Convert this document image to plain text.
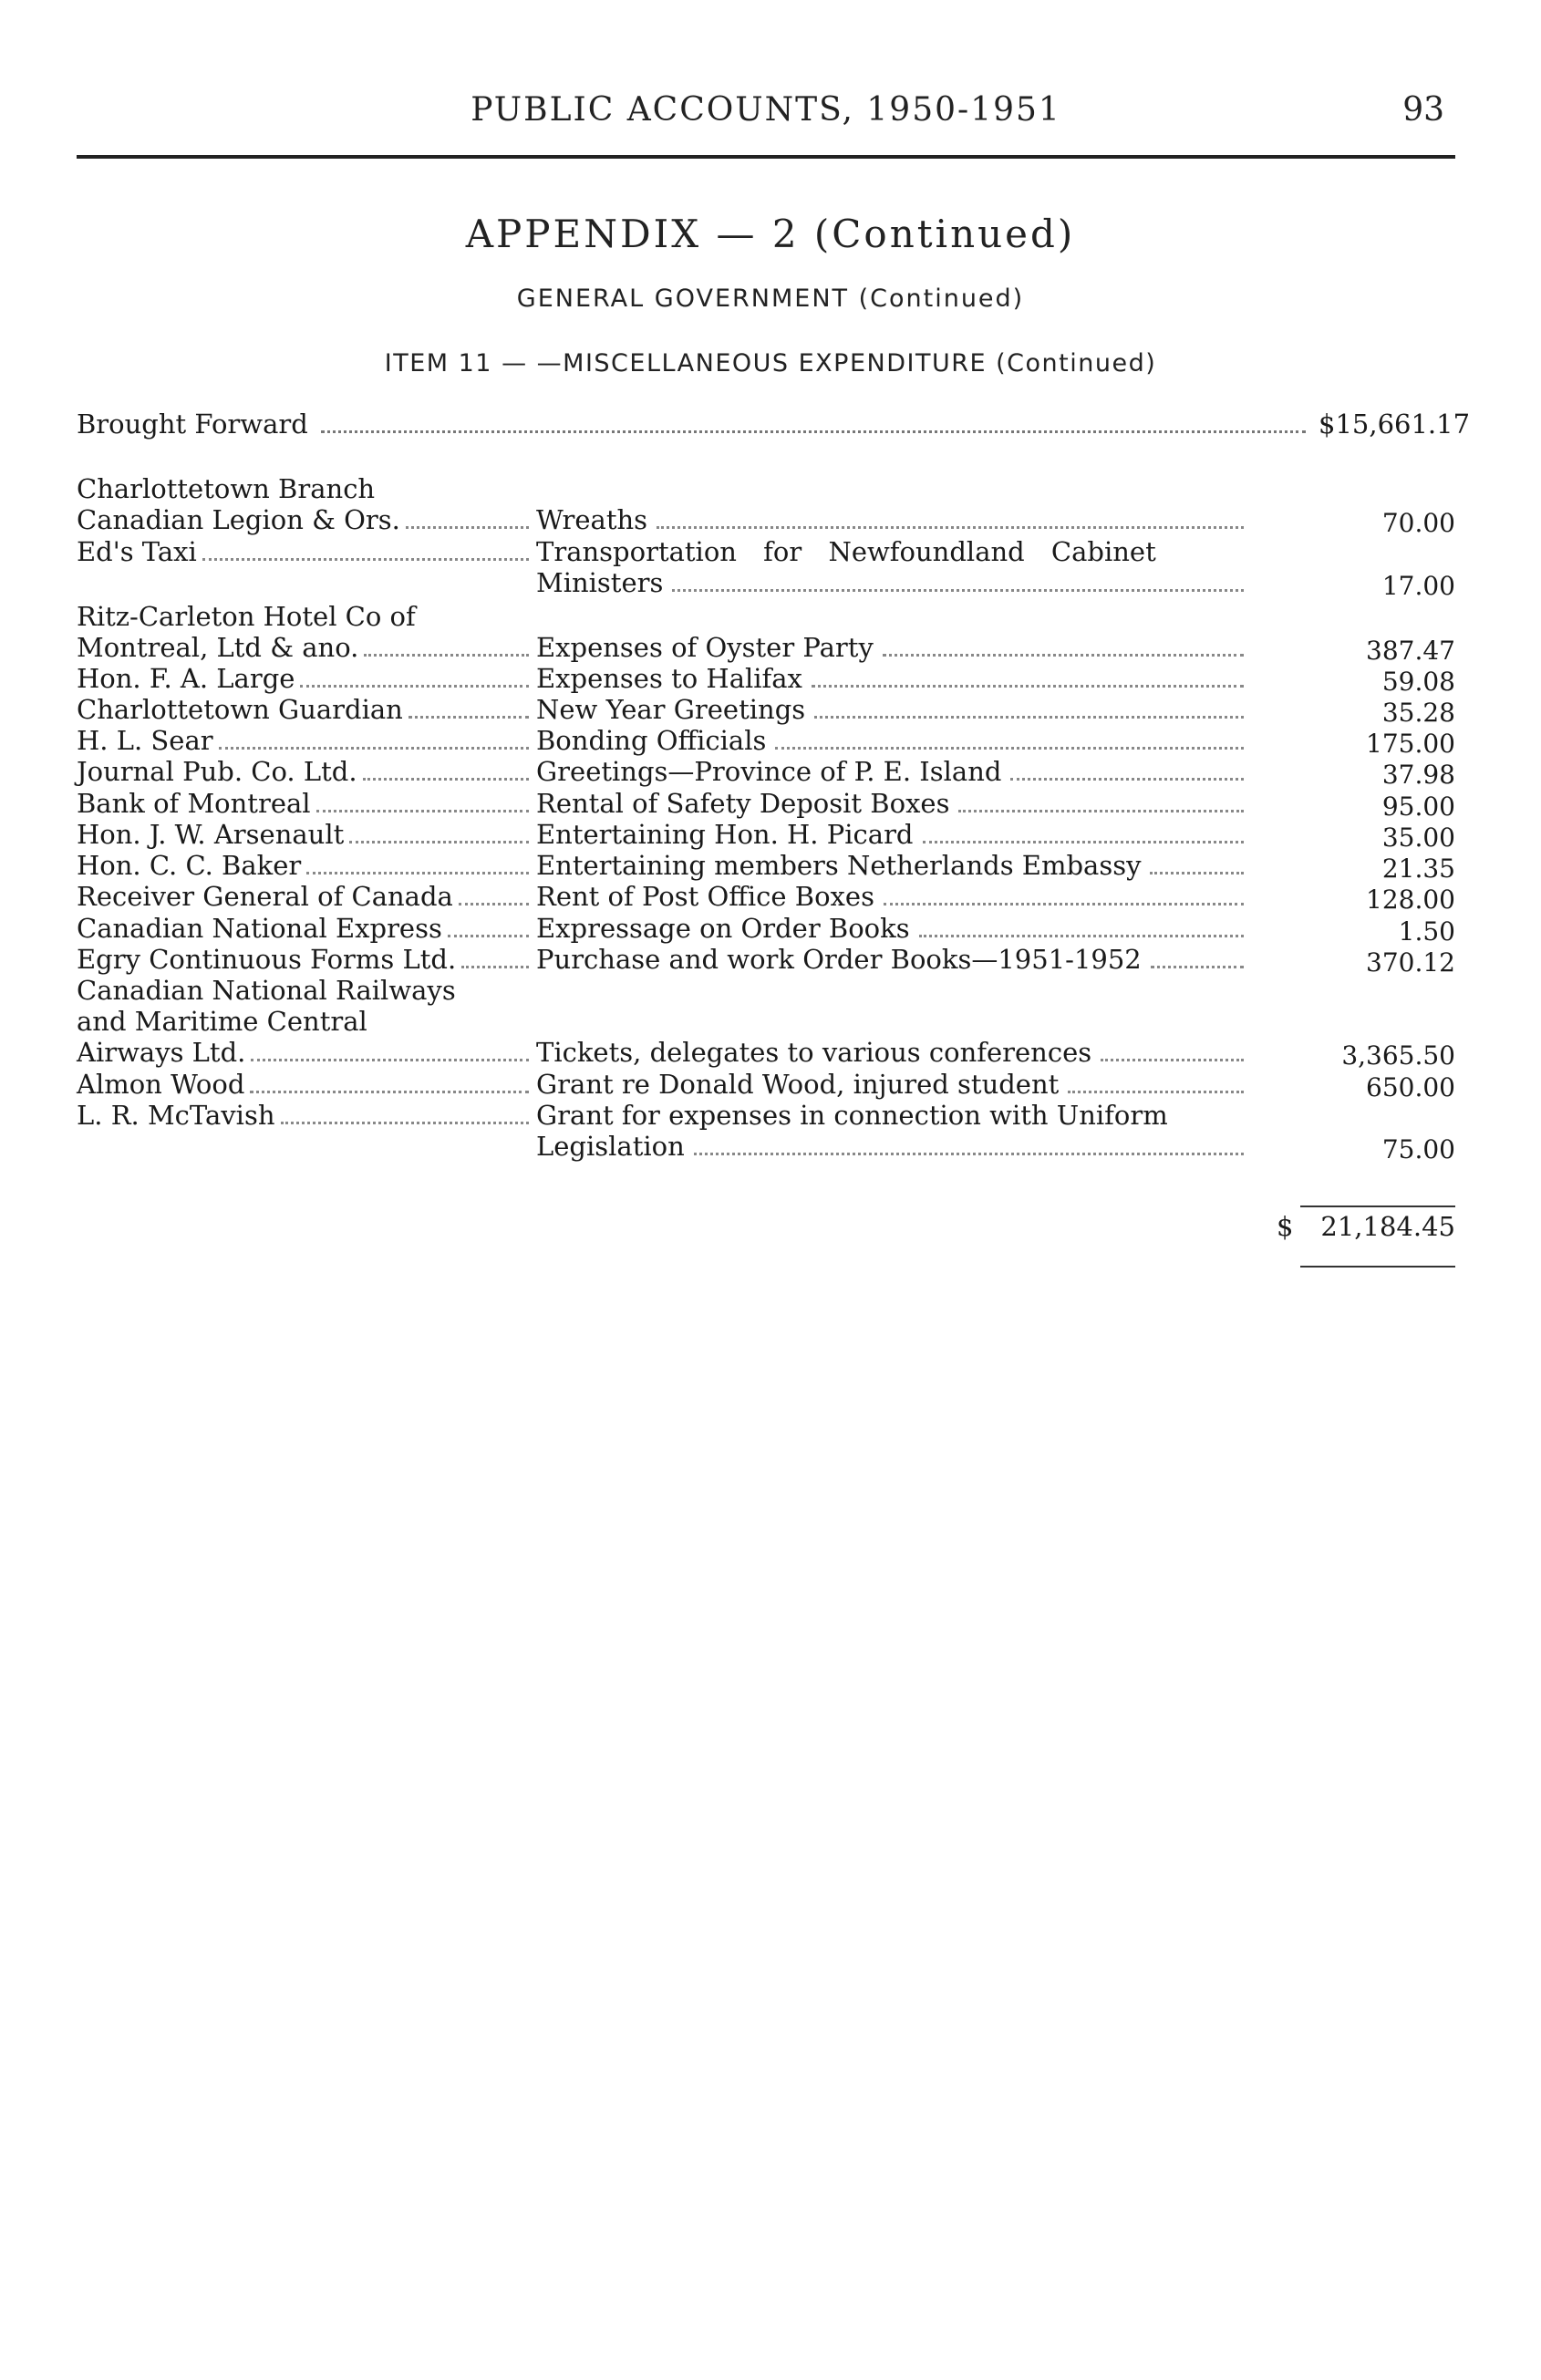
PUBLIC ACCOUNTS, 1950-1951	93
APPENDIX — 2 (Continued)
GENERAL GOVERNMENT (Continued)
ITEM 11 — —MISCELLANEOUS EXPENDITURE (Continued)
Brought Forward	$15,661.17
Charlottetown Branch
Canadian Legion & Ors.
Ed's Taxi
Ritz-Carleton Hotel Co of
Montreal, Ltd & ano.
Hon. F. A. Large
Charlottetown Guardian
H. L. Sear
Journal Pub. Co. Ltd.
Bank of Montreal
Hon. J. W. Arsenault
Hon. C. C. Baker
Receiver General of Canada
Canadian National Express
Egry Continuous Forms Ltd.
Canadian National Railways
and Maritime Central
Airways Ltd.
Almon Wood
L. R. McTavish
Wreaths
Transportation for Newfoundland Cabinet
Ministers
Expenses of Oyster Party
Expenses to Halifax
New Year Greetings
Bonding Officials
Greetings—Province of P. E. Island
Rental of Safety Deposit Boxes
Entertaining Hon. H. Picard
Entertaining members Netherlands Embassy
Rent of Post Office Boxes
Expressage on Order Books
Purchase and work Order Books—1951-1952
Tickets, delegates to various conferences
Grant re Donald Wood, injured student
Grant for expenses in connection with Uniform
Legislation
70.00
17.00
387.47
59.08
35.28
175.00
37.98
95.00
35.00
21.35
128.00
1.50
370.12
3,365.50
650.00
75.00
$ 21,184.45
